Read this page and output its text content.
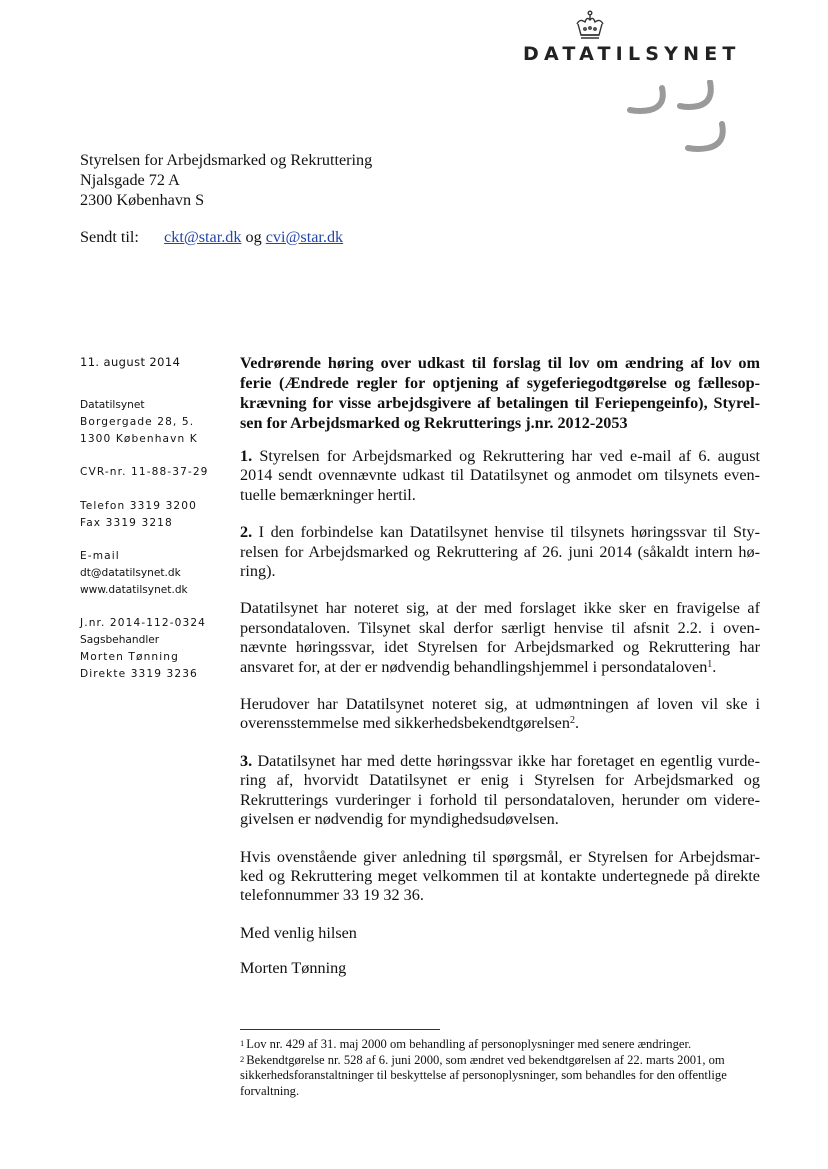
DATATILSYNET
Styrelsen for Arbejdsmarked og Rekruttering
Njalsgade 72 A
2300 København S
Sendt til: ckt@star.dk og cvi@star.dk
11. august 2014
Datatilsynet
Borgergade 28, 5.
1300 København K
CVR-nr. 11-88-37-29
Telefon 3319 3200
Fax 3319 3218
E-mail
dt@datatilsynet.dk
www.datatilsynet.dk
J.nr. 2014-112-0324
Sagsbehandler
Morten Tønning
Direkte 3319 3236
Vedrørende høring over udkast til forslag til lov om ændring af lov om ferie (Ændrede regler for optjening af sygeferiegodtgørelse og fællesop-krævning for visse arbejdsgivere af betalingen til Feriepengeinfo), Styrel-sen for Arbejdsmarked og Rekrutterings j.nr. 2012-2053

1. Styrelsen for Arbejdsmarked og Rekruttering har ved e-mail af 6. august 2014 sendt ovennævnte udkast til Datatilsynet og anmodet om tilsynets even-tuelle bemærkninger hertil.

2. I den forbindelse kan Datatilsynet henvise til tilsynets høringssvar til Sty-relsen for Arbejdsmarked og Rekruttering af 26. juni 2014 (såkaldt intern hø-ring).

Datatilsynet har noteret sig, at der med forslaget ikke sker en fravigelse af persondataloven. Tilsynet skal derfor særligt henvise til afsnit 2.2. i oven-nævnte høringssvar, idet Styrelsen for Arbejdsmarked og Rekruttering har ansvaret for, at der er nødvendig behandlingshjemmel i persondataloven$^1$.

Herudover har Datatilsynet noteret sig, at udmøntningen af loven vil ske i overensstemmelse med sikkerhedsbekendtgørelsen$^2$.

3. Datatilsynet har med dette høringssvar ikke har foretaget en egentlig vurde-ring af, hvorvidt Datatilsynet er enig i Styrelsen for Arbejdsmarked og Rekrutterings vurderinger i forhold til persondataloven, herunder om videre-givelsen er nødvendig for myndighedsudøvelsen.

Hvis ovenstående giver anledning til spørgsmål, er Styrelsen for Arbejdsmar-ked og Rekruttering meget velkommen til at kontakte undertegnede på direkte telefonnummer 33 19 32 36.

Med venlig hilsen

Morten Tønning

$^1$ Lov nr. 429 af 31. maj 2000 om behandling af personoplysninger med senere ændringer.

$^2$ Bekendtgørelse nr. 528 af 6. juni 2000, som ændret ved bekendtgørelsen af 22. marts 2001, om sikkerhedsforanstaltninger til beskyttelse af personoplysninger, som behandles for den offentlige forvaltning.
